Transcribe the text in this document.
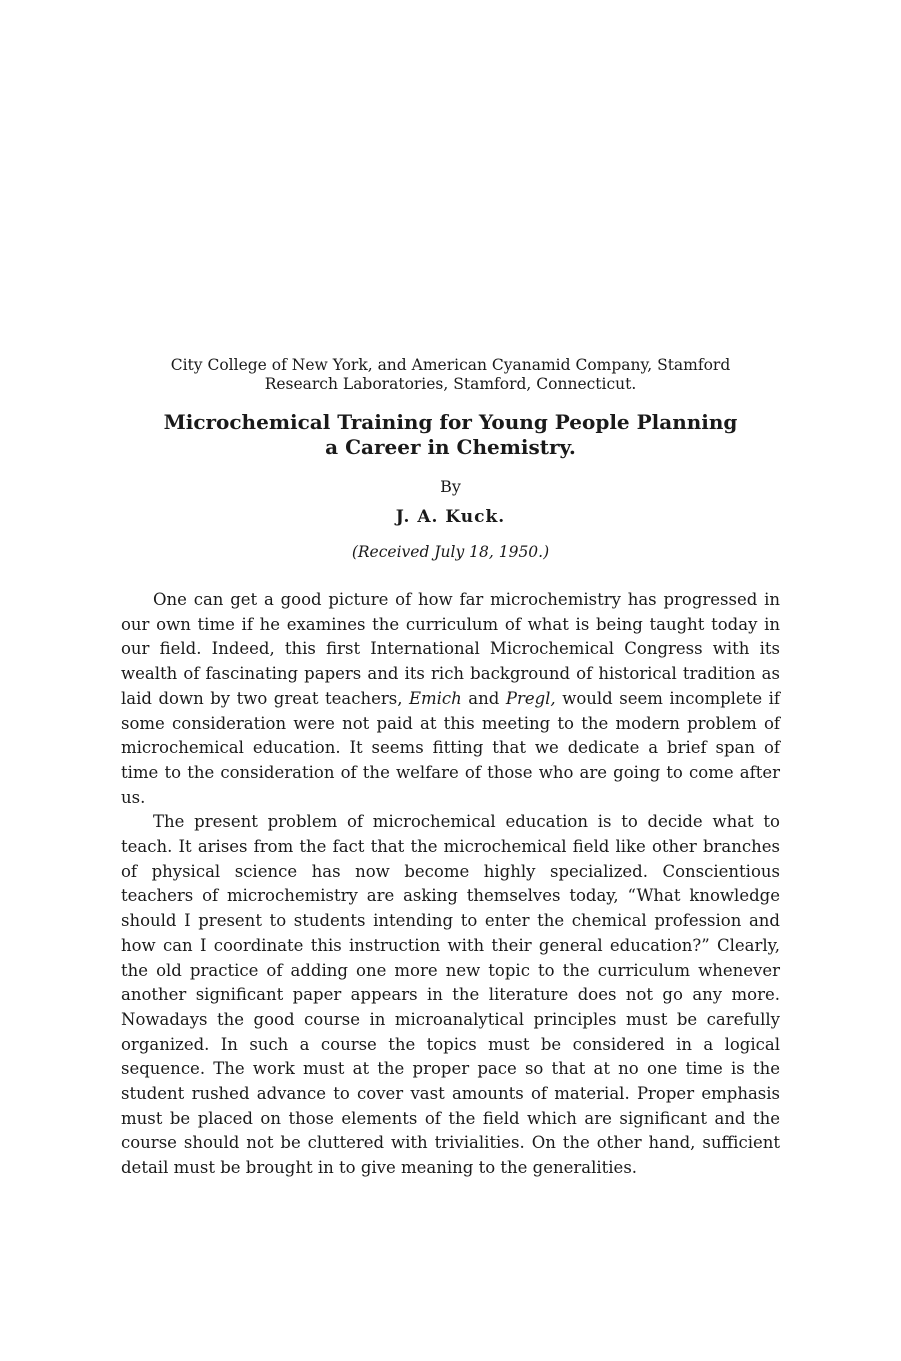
City College of New York, and American Cyanamid Company, Stamford
Research Laboratories, Stamford, Connecticut.
Microchemical Training for Young People Planning
a Career in Chemistry.
By
J. A. Kuck.
(Received July 18, 1950.)

One can get a good picture of how far microchemistry has progressed in our own time if he examines the curriculum of what is being taught today in our field. Indeed, this first International Microchemical Congress with its wealth of fascinating papers and its rich background of historical tradition as laid down by two great teachers, Emich and Pregl, would seem incomplete if some consideration were not paid at this meeting to the modern problem of microchemical education. It seems fitting that we dedicate a brief span of time to the consideration of the welfare of those who are going to come after us.

The present problem of microchemical education is to decide what to teach. It arises from the fact that the microchemical field like other branches of physical science has now become highly specialized. Conscientious teachers of microchemistry are asking themselves today, “What knowledge should I present to students intending to enter the chemical profession and how can I coordinate this instruction with their general education?” Clearly, the old practice of adding one more new topic to the curriculum whenever another significant paper appears in the literature does not go any more. Nowadays the good course in microanalytical principles must be carefully organized. In such a course the topics must be considered in a logical sequence. The work must at the proper pace so that at no one time is the student rushed advance to cover vast amounts of material. Proper emphasis must be placed on those elements of the field which are significant and the course should not be cluttered with trivialities. On the other hand, sufficient detail must be brought in to give meaning to the generalities.
